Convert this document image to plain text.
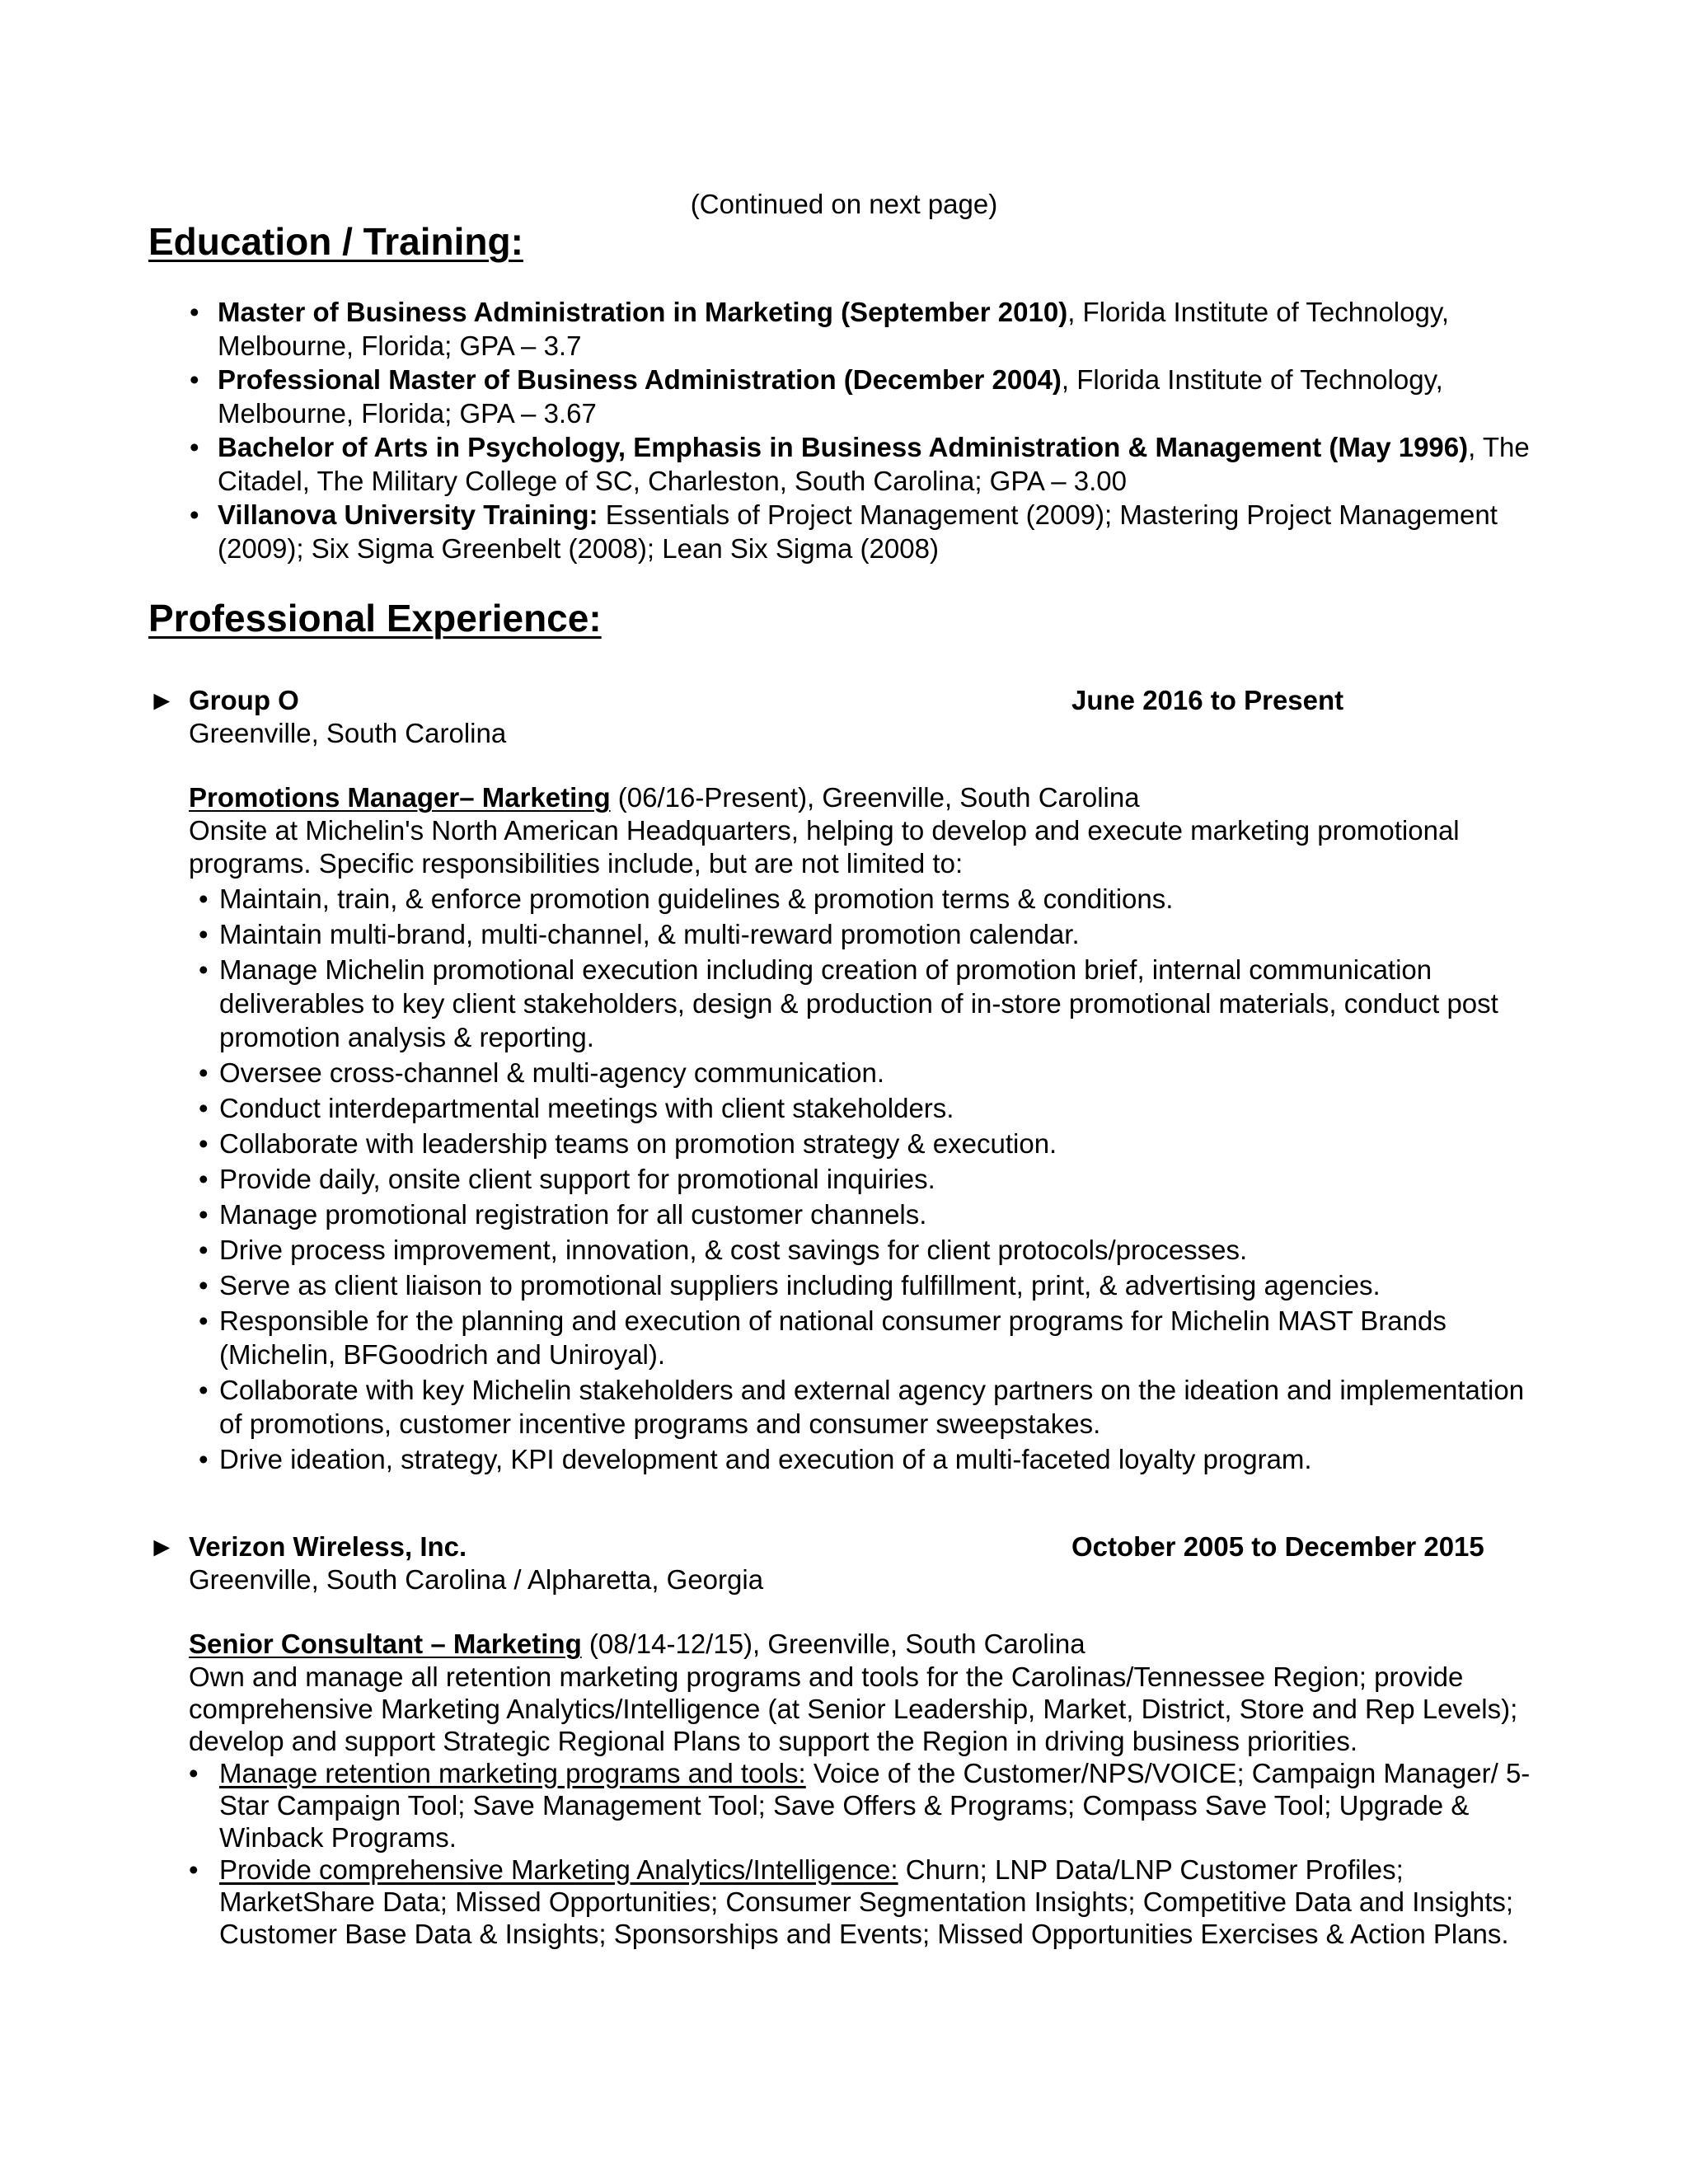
(Continued on next page)
Education / Training:
• Master of Business Administration in Marketing (September 2010), Florida Institute of Technology, Melbourne, Florida; GPA – 3.7
• Professional Master of Business Administration (December 2004), Florida Institute of Technology, Melbourne, Florida; GPA – 3.67
• Bachelor of Arts in Psychology, Emphasis in Business Administration & Management (May 1996), The Citadel, The Military College of SC, Charleston, South Carolina; GPA – 3.00
• Villanova University Training: Essentials of Project Management (2009); Mastering Project Management (2009); Six Sigma Greenbelt (2008); Lean Six Sigma (2008)
Professional Experience:
► Group O	June 2016 to Present
Greenville, South Carolina
Promotions Manager– Marketing (06/16-Present), Greenville, South Carolina
Onsite at Michelin's North American Headquarters, helping to develop and execute marketing promotional programs. Specific responsibilities include, but are not limited to:
• Maintain, train, & enforce promotion guidelines & promotion terms & conditions.
• Maintain multi-brand, multi-channel, & multi-reward promotion calendar.
• Manage Michelin promotional execution including creation of promotion brief, internal communication deliverables to key client stakeholders, design & production of in-store promotional materials, conduct post promotion analysis & reporting.
• Oversee cross-channel & multi-agency communication.
• Conduct interdepartmental meetings with client stakeholders.
• Collaborate with leadership teams on promotion strategy & execution.
• Provide daily, onsite client support for promotional inquiries.
• Manage promotional registration for all customer channels.
• Drive process improvement, innovation, & cost savings for client protocols/processes.
• Serve as client liaison to promotional suppliers including fulfillment, print, & advertising agencies.
• Responsible for the planning and execution of national consumer programs for Michelin MAST Brands (Michelin, BFGoodrich and Uniroyal).
• Collaborate with key Michelin stakeholders and external agency partners on the ideation and implementation of promotions, customer incentive programs and consumer sweepstakes.
• Drive ideation, strategy, KPI development and execution of a multi-faceted loyalty program.
► Verizon Wireless, Inc.	October 2005 to December 2015
Greenville, South Carolina / Alpharetta, Georgia
Senior Consultant – Marketing (08/14-12/15), Greenville, South Carolina
Own and manage all retention marketing programs and tools for the Carolinas/Tennessee Region; provide comprehensive Marketing Analytics/Intelligence (at Senior Leadership, Market, District, Store and Rep Levels); develop and support Strategic Regional Plans to support the Region in driving business priorities.
• Manage retention marketing programs and tools: Voice of the Customer/NPS/VOICE; Campaign Manager/ 5-Star Campaign Tool; Save Management Tool; Save Offers & Programs; Compass Save Tool; Upgrade & Winback Programs.
• Provide comprehensive Marketing Analytics/Intelligence: Churn; LNP Data/LNP Customer Profiles; MarketShare Data; Missed Opportunities; Consumer Segmentation Insights; Competitive Data and Insights; Customer Base Data & Insights; Sponsorships and Events; Missed Opportunities Exercises & Action Plans.
